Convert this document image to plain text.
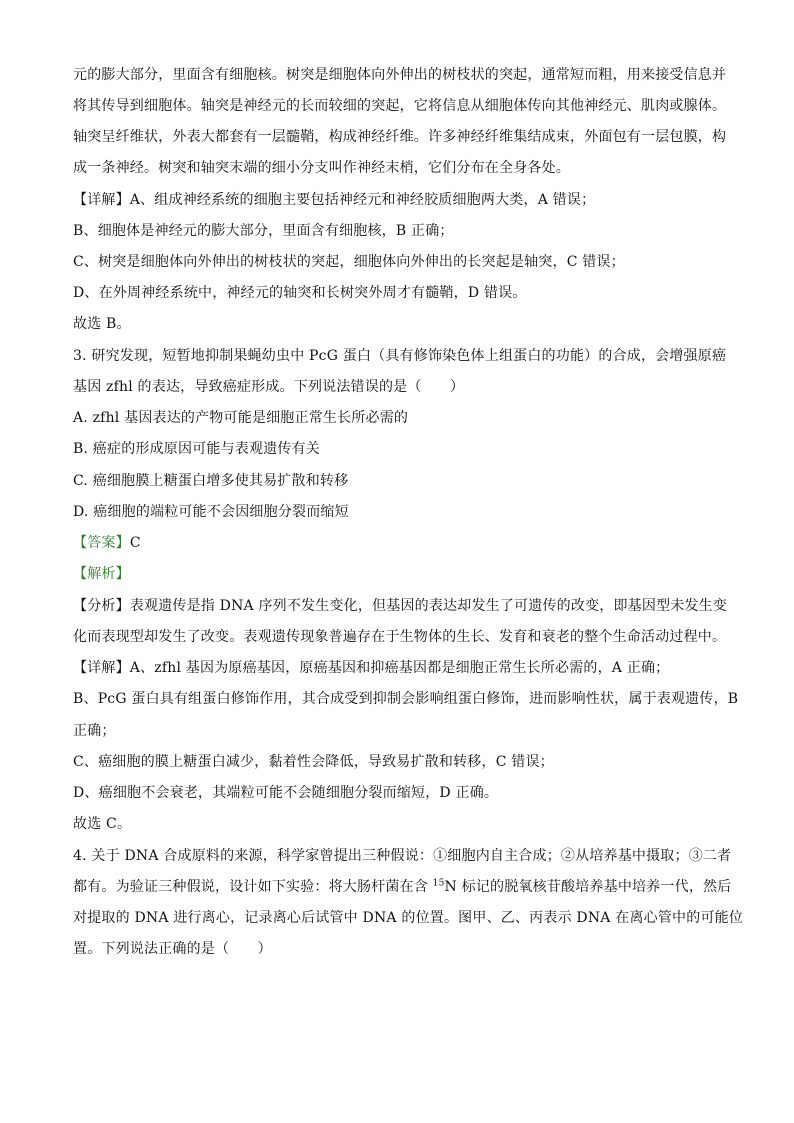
元的膨大部分，里面含有细胞核。树突是细胞体向外伸出的树枝状的突起，通常短而粗，用来接受信息并
将其传导到细胞体。轴突是神经元的长而较细的突起，它将信息从细胞体传向其他神经元、肌肉或腺体。
轴突呈纤维状，外表大都套有一层髓鞘，构成神经纤维。许多神经纤维集结成束，外面包有一层包膜，构
成一条神经。树突和轴突末端的细小分支叫作神经末梢，它们分布在全身各处。
【详解】A、组成神经系统的细胞主要包括神经元和神经胶质细胞两大类，A 错误；
B、细胞体是神经元的膨大部分，里面含有细胞核，B 正确；
C、树突是细胞体向外伸出的树枝状的突起，细胞体向外伸出的长突起是轴突，C 错误；
D、在外周神经系统中，神经元的轴突和长树突外周才有髓鞘，D 错误。
故选 B。
3. 研究发现，短暂地抑制果蝇幼虫中 PcG 蛋白（具有修饰染色体上组蛋白的功能）的合成，会增强原癌
基因 zfhl 的表达，导致癌症形成。下列说法错误的是（　　）
A. zfhl 基因表达的产物可能是细胞正常生长所必需的
B. 癌症的形成原因可能与表观遗传有关
C. 癌细胞膜上糖蛋白增多使其易扩散和转移
D. 癌细胞的端粒可能不会因细胞分裂而缩短
【答案】C
【解析】
【分析】表观遗传是指 DNA 序列不发生变化，但基因的表达却发生了可遗传的改变，即基因型未发生变
化而表现型却发生了改变。表观遗传现象普遍存在于生物体的生长、发育和衰老的整个生命活动过程中。
【详解】A、zfhl 基因为原癌基因，原癌基因和抑癌基因都是细胞正常生长所必需的，A 正确；
B、PcG 蛋白具有组蛋白修饰作用，其合成受到抑制会影响组蛋白修饰，进而影响性状，属于表观遗传，B
正确；
C、癌细胞的膜上糖蛋白减少，黏着性会降低，导致易扩散和转移，C 错误；
D、癌细胞不会衰老，其端粒可能不会随细胞分裂而缩短，D 正确。
故选 C。
4. 关于 DNA 合成原料的来源，科学家曾提出三种假说：①细胞内自主合成；②从培养基中摄取；③二者
都有。为验证三种假说，设计如下实验：将大肠杆菌在含 $^{15}$N 标记的脱氧核苷酸培养基中培养一代，然后
对提取的 DNA 进行离心，记录离心后试管中 DNA 的位置。图甲、乙、丙表示 DNA 在离心管中的可能位
置。下列说法正确的是（　　）
